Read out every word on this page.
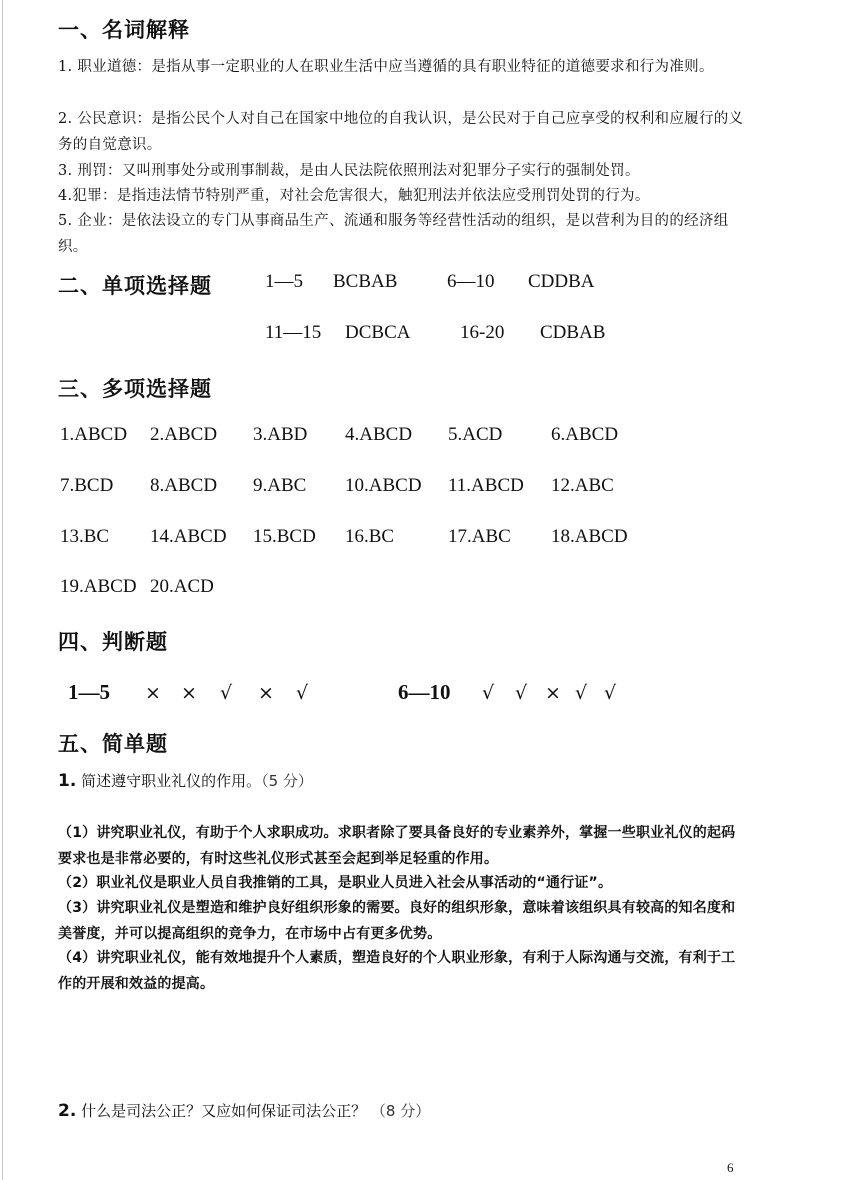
一、名词解释
1. 职业道德：是指从事一定职业的人在职业生活中应当遵循的具有职业特征的道德要求和行为准则。
2. 公民意识：是指公民个人对自己在国家中地位的自我认识，是公民对于自己应享受的权利和应履行的义务的自觉意识。
3. 刑罚：又叫刑事处分或刑事制裁，是由人民法院依照刑法对犯罪分子实行的强制处罚。
4.犯罪：是指违法情节特别严重，对社会危害很大，触犯刑法并依法应受刑罚处罚的行为。
5. 企业：是依法设立的专门从事商品生产、流通和服务等经营性活动的组织，是以营利为目的的经济组织。
二、单项选择题	1—5 BCBAB	6—10 CDDBA
11—15 DCBCA	16-20 CDBAB
三、多项选择题
1.ABCD 2.ABCD 3.ABD 4.ABCD 5.ACD	6.ABCD
7.BCD 8.ABCD 9.ABC 10.ABCD 11.ABCD 12.ABC
13.BC 14.ABCD 15.BCD 16.BC	17.ABC 18.ABCD
19.ABCD 20.ACD
四、判断题
1—5	6—10
× × √ × √	√ √ × √ √
五、简单题
1. 简述遵守职业礼仪的作用。（5 分）
（1）讲究职业礼仪，有助于个人求职成功。求职者除了要具备良好的专业素养外，掌握一些职业礼仪的起码要求也是非常必要的，有时这些礼仪形式甚至会起到举足轻重的作用。
（2）职业礼仪是职业人员自我推销的工具，是职业人员进入社会从事活动的“通行证”。
（3）讲究职业礼仪是塑造和维护良好组织形象的需要。良好的组织形象，意味着该组织具有较高的知名度和美誉度，并可以提高组织的竞争力，在市场中占有更多优势。
（4）讲究职业礼仪，能有效地提升个人素质，塑造良好的个人职业形象，有利于人际沟通与交流，有利于工作的开展和效益的提高。
2. 什么是司法公正？又应如何保证司法公正？ （8 分）
6
